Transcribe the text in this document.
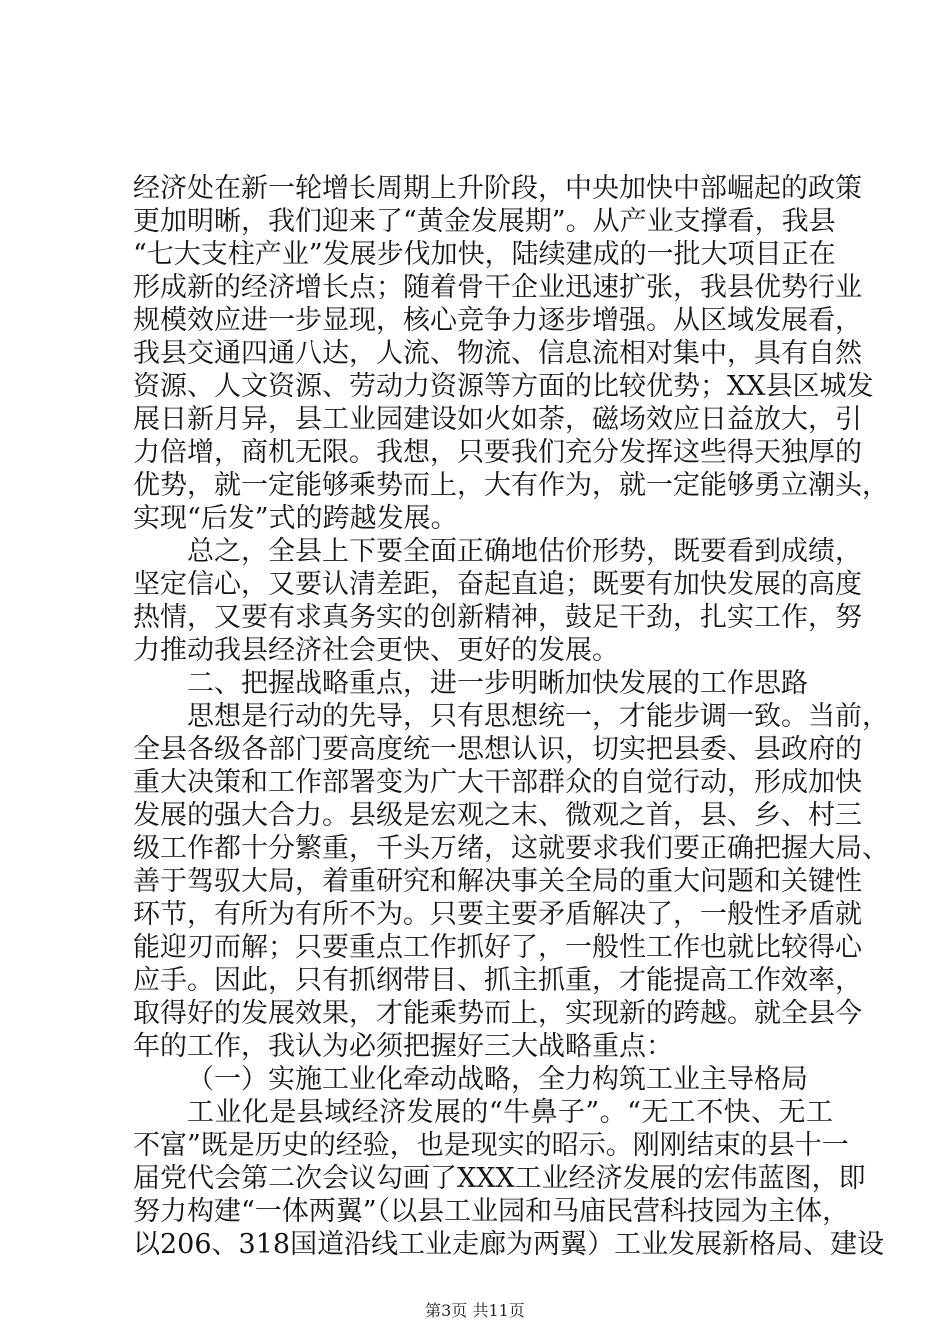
经济处在新一轮增长周期上升阶段，中央加快中部崛起的政策
更加明晰，我们迎来了“黄金发展期”。从产业支撑看，我县
“七大支柱产业”发展步伐加快，陆续建成的一批大项目正在
形成新的经济增长点；随着骨干企业迅速扩张，我县优势行业
规模效应进一步显现，核心竞争力逐步增强。从区域发展看，
我县交通四通八达，人流、物流、信息流相对集中，具有自然
资源、人文资源、劳动力资源等方面的比较优势；XX县区城发
展日新月异，县工业园建设如火如荼，磁场效应日益放大，引
力倍增，商机无限。我想，只要我们充分发挥这些得天独厚的
优势，就一定能够乘势而上，大有作为，就一定能够勇立潮头，
实现“后发”式的跨越发展。
总之，全县上下要全面正确地估价形势，既要看到成绩，
坚定信心，又要认清差距，奋起直追；既要有加快发展的高度
热情，又要有求真务实的创新精神，鼓足干劲，扎实工作，努
力推动我县经济社会更快、更好的发展。
二、把握战略重点，进一步明晰加快发展的工作思路
思想是行动的先导，只有思想统一，才能步调一致。当前，
全县各级各部门要高度统一思想认识，切实把县委、县政府的
重大决策和工作部署变为广大干部群众的自觉行动，形成加快
发展的强大合力。县级是宏观之末、微观之首，县、乡、村三
级工作都十分繁重，千头万绪，这就要求我们要正确把握大局、
善于驾驭大局，着重研究和解决事关全局的重大问题和关键性
环节，有所为有所不为。只要主要矛盾解决了，一般性矛盾就
能迎刃而解；只要重点工作抓好了，一般性工作也就比较得心
应手。因此，只有抓纲带目、抓主抓重，才能提高工作效率，
取得好的发展效果，才能乘势而上，实现新的跨越。就全县今
年的工作，我认为必须把握好三大战略重点：
（一）实施工业化牵动战略，全力构筑工业主导格局
工业化是县域经济发展的“牛鼻子”。“无工不快、无工
不富”既是历史的经验，也是现实的昭示。刚刚结束的县十一
届党代会第二次会议勾画了XXX工业经济发展的宏伟蓝图，即
努力构建“一体两翼”（以县工业园和马庙民营科技园为主体，
以206、318国道沿线工业走廊为两翼）工业发展新格局、建设
第3页 共11页
